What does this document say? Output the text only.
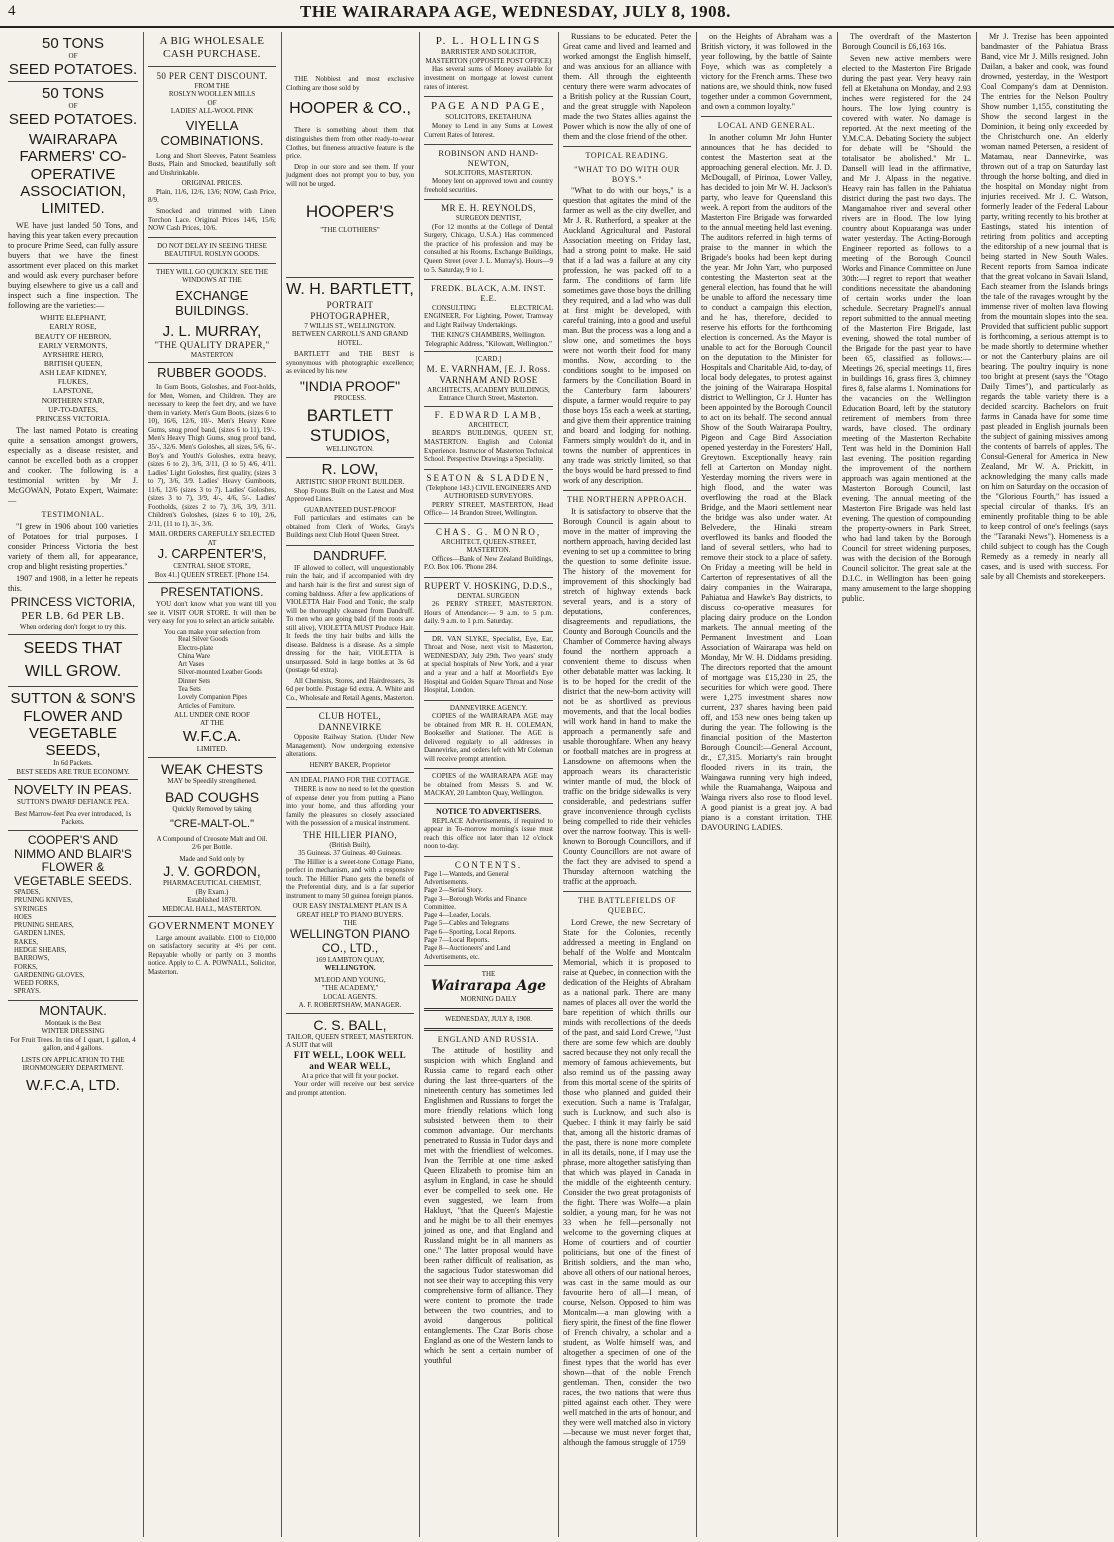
4	THE WAIRARAPA AGE, WEDNESDAY, JULY 8, 1908.
50 TONS
OF
SEED POTATOES.
50 TONS
OF
SEED POTATOES.
WAIRARAPA FARMERS' CO-OPERATIVE ASSOCIATION, LIMITED.

WE have just landed 50 Tons, and having this year taken every precaution to procure Prime Seed, can fully assure buyers that we have the finest assortment ever placed on this market and would ask every purchaser before buying elsewhere to give us a call and inspect such a fine inspection. The following are the varieties:—

WHITE ELEPHANT,
EARLY ROSE,
BEAUTY OF HEBRON,
EARLY VERMONTS,
AYRSHIRE HERO,
BRITISH QUEEN,
ASH LEAF KIDNEY,
FLUKES,
LAPSTONE,
NORTHERN STAR,
UP-TO-DATES,
PRINCESS VICTORIA.

The last named Potato is creating quite a sensation amongst growers, especially as a disease resister, and cannot be excelled both as a cropper and cooker. The following is a testimonial written by Mr J. McGOWAN, Potato Expert, Waimate:—

TESTIMONIAL.

"I grew in 1906 about 100 varieties of Potatoes for trial purposes. I consider Princess Victoria the best variety of them all, for appearance, crop and blight resisting properties."

1907 and 1908, in a letter he repeats this.

PRINCESS VICTORIA,
PER LB. 6d PER LB.
When ordering don't forget to try this.
SEEDS THAT WILL GROW.
SUTTON & SON'S FLOWER AND VEGETABLE SEEDS,
In 6d Packets.
BEST SEEDS ARE TRUE ECONOMY.
NOVELTY IN PEAS.
SUTTON'S DWARF DEFIANCE PEA.
Best Marrow-feet Pea ever introduced, 1s Packets.
COOPER'S AND NIMMO AND BLAIR'S FLOWER & VEGETABLE SEEDS.
SPADES,
PRUNING KNIVES,
SYRINGES
HOES
PRUNING SHEARS,
GARDEN LINES,
RAKES,
HEDGE SHEARS,
BARROWS,
FORKS,
GARDENING GLOVES,
WEED FORKS,
SPRAYS.
MONTAUK.
Montauk is the Best
WINTER DRESSING
For Fruit Trees. In tins of 1 quart, 1 gallon, 4 gallon, and 4 gallons.
LISTS ON APPLICATION TO THE IRONMONGERY DEPARTMENT.
W.F.C.A, LTD.
A BIG WHOLESALE
CASH PURCHASE.
50 PER CENT DISCOUNT.
FROM THE
ROSLYN WOOLLEN MILLS
OF
LADIES' ALL-WOOL PINK
VIYELLA COMBINATIONS.

Long and Short Sleeves, Patent Seamless Busts, Plain and Smocked, beautifully soft and Unshrinkable.

ORIGINAL PRICES.

Plain, 11/6, 12/6, 13/6; NOW, Cash Price, 8/9.

Smocked and trimmed with Linen Torchon Lace. Original Prices 14/6, 15/6; NOW Cash Prices, 10/6.

DO NOT DELAY IN SEEING THESE BEAUTIFUL ROSLYN GOODS.
THEY WILL GO QUICKLY. SEE THE WINDOWS AT THE
EXCHANGE BUILDINGS.
J. L. MURRAY,
"THE QUALITY DRAPER,"
MASTERTON
RUBBER GOODS.

In Gum Boots, Goloshes, and Foot-holds, for Men, Women, and Children. They are necessary to keep the feet dry, and we have them in variety. Men's Gum Boots, (sizes 6 to 10), 16/6, 12/6, 10/-. Men's Heavy Knee Gums, snug proof band, (sizes 6 to 11), 19/-. Men's Heavy Thigh Gums, snug proof band, 35/-, 32/6. Men's Goloshes, all sizes, 5/6, 6/-. Boy's and Youth's Goloshes, extra heavy, (sizes 6 to 2), 3/6, 3/11, (3 to 5) 4/6, 4/11. Ladies' Light Goloshes, first quality, (sizes 3 to 7), 3/6, 3/9. Ladies' Heavy Gumboots, 11/6, 12/6 (sizes 3 to 7). Ladies' Goloshes, (sizes 3 to 7), 3/9, 4/-, 4/6, 5/-. Ladies' Footholds, (sizes 2 to 7), 3/6, 3/9, 3/11. Children's Goloshes, (sizes 6 to 10), 2/6, 2/11, (11 to 1), 3/-, 3/6.

MAIL ORDERS CAREFULLY SELECTED AT
J. CARPENTER'S,
CENTRAL SHOE STORE,
Box 41.] QUEEN STREET. [Phone 154.
PRESENTATIONS.

YOU don't know what you want till you see it. VISIT OUR STORE. It will then be very easy for you to select an article suitable.

You can make your selection from
Real Silver Goods
Electro-plate
China Ware
Art Vases
Silver-mounted Leather Goods
Dinner Sets
Tea Sets
Lovely Companion Pipes
Articles of Furniture.
ALL UNDER ONE ROOF
AT THE
W.F.C.A.
LIMITED.
WEAK CHESTS
MAY be Speedily strengthened.
BAD COUGHS
Quickly Removed by taking
"CRE-MALT-OL."
A Compound of Creosote Malt and Oil.
2/6 per Bottle.
Made and Sold only by
J. V. GORDON,
PHARMACEUTICAL CHEMIST,
(By Exam.)
Established 1870.
MEDICAL HALL, MASTERTON.
GOVERNMENT MONEY

Large amount available. £100 to £10,000 on satisfactory security at 4½ per cent. Repayable wholly or partly on 3 months notice. Apply to C. A. POWNALL, Solicitor, Masterton.

THE Nobbiest and most exclusive Clothing are those sold by

HOOPER & CO.,

There is something about them that distinguishes them from other ready-to-wear Clothes, but fineness attractive feature is the price.

Drop in our store and see them. If your judgment does not prompt you to buy, you will not be urged.

HOOPER'S
"THE CLOTHIERS"
W. H. BARTLETT,
PORTRAIT PHOTOGRAPHER,
7 WILLIS ST., WELLINGTON.
BETWEEN CARROLL'S AND GRAND HOTEL.

BARTLETT and THE BEST is synonymous with photographic excellence; as evinced by his new

"INDIA PROOF"
PROCESS.
BARTLETT STUDIOS,
WELLINGTON.
R. LOW,
ARTISTIC SHOP FRONT BUILDER.

Shop Fronts Built on the Latest and Most Approved Lines.

GUARANTEED DUST-PROOF

Full particulars and estimates can be obtained from Clerk of Works, Gray's Buildings next Club Hotel Queen Street.

DANDRUFF.

IF allowed to collect, will unquestionably ruin the hair, and if accompanied with dry and harsh hair is the first and surest sign of coming baldness. After a few applications of VIOLETTA Hair Food and Tonic, the scalp will be thoroughly cleansed from Dandruff. To men who are going bald (if the roots are still alive), VIOLETTA MUST Produce Hair. It feeds the tiny hair bulbs and kills the disease. Baldness is a disease. As a simple dressing for the hair, VIOLETTA is unsurpassed. Sold in large bottles at 3s 6d (postage 6d extra).

All Chemists, Stores, and Hairdressers, 3s 6d per bottle. Postage 6d extra. A. White and Co., Wholesale and Retail Agents, Masterton.

CLUB HOTEL, DANNEVIRKE

Opposite Railway Station. (Under New Management). Now undergoing extensive alterations.

HENRY BAKER, Proprietor
AN IDEAL PIANO FOR THE COTTAGE.

THERE is now no need to let the question of expense deter you from putting a Piano into your home, and thus affording your family the pleasures so closely associated with the possession of a musical instrument.

THE HILLIER PIANO,
(British Built),
35 Guineas. 37 Guineas. 40 Guineas.

The Hillier is a sweet-tone Cottage Piano, perfect in mechanism, and with a responsive touch. The Hillier Piano gets the benefit of the Preferential duty, and is a far superior instrument to many 50 guinea foreign pianos.

OUR EASY INSTALMENT PLAN IS A GREAT HELP TO PIANO BUYERS.
THE
WELLINGTON PIANO CO., LTD.,
169 LAMBTON QUAY,
WELLINGTON.
M'LEOD AND YOUNG,
"THE ACADEMY,"
LOCAL AGENTS.
A. F. ROBERTSHAW, MANAGER.
C. S. BALL,
TAILOR, QUEEN STREET, MASTERTON.
A SUIT that will
FIT WELL, LOOK WELL and WEAR WELL,
At a price that will fit your pocket.

Your order will receive our best service and prompt attention.

P. L. HOLLINGS
BARRISTER AND SOLICITOR, MASTERTON (OPPOSITE POST OFFICE)

Has several sums of Money available for investment on mortgage at lowest current rates of interest.

PAGE AND PAGE,
SOLICITORS, EKETAHUNA

Money to Lend in any Sums at Lowest Current Rates of Interest.

ROBINSON AND HAND-NEWTON,
SOLICITORS, MASTERTON.

Money lent on approved town and country freehold securities.

MR E. H. REYNOLDS,
SURGEON DENTIST,

(For 12 months at the College of Dental Surgery, Chicago, U.S.A.) Has commenced the practice of his profession and may be consulted at his Rooms, Exchange Buildings, Queen Street (over J. L. Murray's). Hours—9 to 5. Saturday, 9 to 1.

FREDK. BLACK, A.M. INST. E.E.

CONSULTING ELECTRICAL ENGINEER, For Lighting, Power, Tramway and Light Railway Undertakings.

THE KING'S CHAMBERS, Wellington.
Telegraphic Address, "Kilowatt, Wellington."
[CARD.]
M. E. VARNHAM, [E. J. Ross. VARNHAM AND ROSE
ARCHITECTS, ACADEMY BUILDINGS, Entrance Church Street, Masterton.
F. EDWARD LAMB,
ARCHITECT,

BEARD'S BUILDINGS, QUEEN ST, MASTERTON. English and Colonial Experience. Instructor of Masterton Technical School. Perspective Drawings a Speciality.

SEATON & SLADDEN,
(Telephone 143.) CIVIL ENGINEERS AND AUTHORISED SURVEYORS.

PERRY STREET, MASTERTON, Head Office— 14 Brandon Street, Wellington.

CHAS. G. MONRO,
ARCHITECT, QUEEN-STREET, MASTERTON.

Offices—Bank of New Zealand Buildings, P.O. Box 106. 'Phone 284.

RUPERT V. HOSKING, D.D.S.,
DENTAL SURGEON

26 PERRY STREET, MASTERTON. Hours of Attendance:— 9 a.m. to 5 p.m. daily. 9 a.m. to 1 p.m. Saturday.

DR. VAN SLYKE, Specialist, Eye, Ear, Throat and Nose, next visit to Masterton, WEDNESDAY, July 29th. Two years' study at special hospitals of New York, and a year and a year and a half at Moorfield's Eye Hospital and Golden Square Throat and Nose Hospital, London.

DANNEVIRKE AGENCY.

COPIES of the WAIRARAPA AGE may be obtained from MR R. H. COLEMAN, Bookseller and Stationer. The AGE is delivered regularly to all addresses in Dannevirke, and orders left with Mr Coleman will receive prompt attention.

COPIES of the WAIRARAPA AGE may be obtained from Messrs S. and W. MACKAY, 20 Lambton Quay, Wellington.

NOTICE TO ADVERTISERS.

REPLACE Advertisements, if required to appear in To-morrow morning's issue must reach this office not later than 12 o'clock noon to-day.

CONTENTS.
Page 1—Wanteds, and General Advertisements.
Page 2—Serial Story.
Page 3—Borough Works and Finance Committee.
Page 4—Leader, Locals.
Page 5—Cables and Telegrams
Page 6—Sporting, Local Reports.
Page 7—Local Reports.
Page 8—Auctioneers' and Land Advertisements, etc.
THE
Wairarapa Age
MORNING DAILY
WEDNESDAY, JULY 8, 1908.
ENGLAND AND RUSSIA.

The attitude of hostility and suspicion with which England and Russia came to regard each other during the last three-quarters of the nineteenth century has sometimes led Englishmen and Russians to forget the more friendly relations which long subsisted between them to their common advantage. Our merchants penetrated to Russia in Tudor days and met with the friendliest of welcomes. Ivan the Terrible at one time asked Queen Elizabeth to promise him an asylum in England, in case he should ever be compelled to seek one. He even suggested, we learn from Hakluyt, "that the Queen's Majestie and he might be to all their enemyes joined as one, and that England and Russland might be in all manners as one." The latter proposal would have been rather difficult of realisation, as the sagacious Tudor stateswoman did not see their way to accepting this very comprehensive form of alliance. They were content to promote the trade between the two countries, and to avoid dangerous political entanglements. The Czar Boris chose England as one of the Western lands to which he sent a certain number of youthful

Russians to be educated. Peter the Great came and lived and learned and worked amongst the English himself, and was anxious for an alliance with them. All through the eighteenth century there were warm advocates of a British policy at the Russian Court, and the great struggle with Napoleon made the two States allies against the Power which is now the ally of one of them and the close friend of the other.

TOPICAL READING.
"WHAT TO DO WITH OUR BOYS."

"What to do with our boys," is a question that agitates the mind of the farmer as well as the city dweller, and Mr J. R. Rutherford, a speaker at the Auckland Agricultural and Pastoral Association meeting on Friday last, had a strong point to make. He said that if a lad was a failure at any city profession, he was packed off to a farm. The conditions of farm life sometimes gave those boys the drilling they required, and a lad who was dull at first might be developed, with careful training, into a good and useful man. But the process was a long and a slow one, and sometimes the boys were not worth their food for many months. Now, according to the conditions sought to be imposed on farmers by the Conciliation Board in the Canterbury farm labourers' dispute, a farmer would require to pay those boys 15s each a week at starting, and give them their apprentice training and board and lodging for nothing. Farmers simply wouldn't do it, and in towns the number of apprentices in any trade was strictly limited, so that the boys would be hard pressed to find work of any description.

THE NORTHERN APPROACH.

It is satisfactory to observe that the Borough Council is again about to move in the matter of improving the northern approach, having decided last evening to set up a committee to bring the question to some definite issue. The history of the movement for improvement of this shockingly bad stretch of highway extends back several years, and is a story of deputations, conferences, disagreements and repudiations, the County and Borough Councils and the Chamber of Commerce having always found the northern approach a convenient theme to discuss when other debatable matter was lacking. It is to be hoped for the credit of the district that the new-born activity will not be as shortlived as previous movements, and that the local bodies will work hand in hand to make the approach a permanently safe and usable thoroughfare. When any heavy or football matches are in progress at Lansdowne on afternoons when the approach wears its characteristic winter mantle of mud, the block of traffic on the bridge sidewalks is very considerable, and pedestrians suffer grave inconvenience through cyclists being compelled to ride their vehicles over the narrow footway. This is well-known to Borough Councillors, and if County Councillors are not aware of the fact they are advised to spend a Thursday afternoon watching the traffic at the approach.

THE BATTLEFIELDS OF QUEBEC.

Lord Crewe, the new Secretary of State for the Colonies, recently addressed a meeting in England on behalf of the Wolfe and Montcalm Memorial, which it is proposed to raise at Quebec, in connection with the dedication of the Heights of Abraham as a national park. There are many names of places all over the world the bare repetition of which thrills our minds with recollections of the deeds of the past, and said Lord Crewe, "Just there are some few which are doubly sacred because they not only recall the memory of famous achievements, but also remind us of the passing away from this mortal scene of the spirits of those who planned and guided their execution. Such a name is Trafalgar, such is Lucknow, and such also is Quebec. I think it may fairly be said that, among all the historic dramas of the past, there is none more complete in all its details, none, if I may use the phrase, more altogether satisfying than that which was played in Canada in the middle of the eighteenth century. Consider the two great protagonists of the fight. There was Wolfe—a plain soldier, a young man, for he was not 33 when he fell—personally not welcome to the governing cliques at Home of courtiers and of courtier politicians, but one of the finest of British soldiers, and the man who, above all others of our national heroes, was cast in the same mould as our favourite hero of all—I mean, of course, Nelson. Opposed to him was Montcalm—a man glowing with a fiery spirit, the finest of the fine flower of French chivalry, a scholar and a student, as Wolfe himself was, and altogether a specimen of one of the finest types that the world has ever shown—that of the noble French gentleman. Then, consider the two races, the two nations that were thus pitted against each other. They were well matched in the arts of honour, and they were well matched also in victory—because we must never forget that, although the famous struggle of 1759

on the Heights of Abraham was a British victory, it was followed in the year following, by the battle of Sainte Foye, which was as completely a victory for the French arms. These two nations are, we should think, now fused together under a common Government, and own a common loyalty."

LOCAL AND GENERAL.

In another column Mr John Hunter announces that he has decided to contest the Masterton seat at the approaching general election. Mr. J. D. McDougall, of Pirinoa, Lower Valley, has decided to join Mr W. H. Jackson's party, who leave for Queensland this week. A report from the auditors of the Masterton Fire Brigade was forwarded to the annual meeting held last evening. The auditors referred in high terms of praise to the manner in which the Brigade's books had been kept during the year. Mr John Yarr, who purposed contesting the Masterton seat at the general election, has found that he will be unable to afford the necessary time to conduct a campaign this election, and he has, therefore, decided to reserve his efforts for the forthcoming election is concerned. As the Mayor is unable to act for the Borough Council on the deputation to the Minister for Hospitals and Charitable Aid, to-day, of local body delegates, to protest against the joining of the Wairarapa Hospital district to Wellington, Cr J. Hunter has been appointed by the Borough Council to act on its behalf. The second annual Show of the South Wairarapa Poultry, Pigeon and Cage Bird Association opened yesterday in the Foresters' Hall, Greytown. Exceptionally heavy rain fell at Carterton on Monday night. Yesterday morning the rivers were in high flood, and the water was overflowing the road at the Black Bridge, and the Maori settlement near the bridge was also under water. At Belvedere, the Hinaki stream overflowed its banks and flooded the land of several settlers, who had to remove their stock to a place of safety. On Friday a meeting will be held in Carterton of representatives of all the dairy companies in the Wairarapa, Pahiatua and Hawke's Bay districts, to discuss co-operative measures for placing dairy produce on the London markets. The annual meeting of the Permanent Investment and Loan Association of Wairarapa was held on Monday, Mr W. H. Diddams presiding. The directors reported that the amount of mortgage was £15,230 in 25, the securities for which were good. There were 1,275 investment shares now current, 237 shares having been paid off, and 153 new ones being taken up during the year. The following is the financial position of the Masterton Borough Council:—General Account, dr., £7,315. Moriarty's rain brought flooded rivers in its train, the Waingawa running very high indeed, while the Ruamahanga, Waipoua and Wainga rivers also rose to flood level. A good pianist is a great joy. A bad piano is a constant irritation. THE DAVOURING LADIES.

The overdraft of the Masterton Borough Council is £6,163 16s.

Seven new active members were elected to the Masterton Fire Brigade during the past year. Very heavy rain fell at Eketahuna on Monday, and 2.93 inches were registered for the 24 hours. The low lying country is covered with water. No damage is reported. At the next meeting of the Y.M.C.A. Debating Society the subject for debate will be "Should the totalisator be abolished." Mr L. Dansell will lead in the affirmative, and Mr J. Alpass in the negative. Heavy rain has fallen in the Pahiatua district during the past two days. The Mangamahoe river and several other rivers are in flood. The low lying country about Kopuaranga was under water yesterday. The Acting-Borough Engineer reported as follows to a meeting of the Borough Council Works and Finance Committee on June 30th:—I regret to report that weather conditions necessitate the abandoning of certain works under the loan schedule. Secretary Pragnell's annual report submitted to the annual meeting of the Masterton Fire Brigade, last evening, showed the total number of the Brigade for the past year to have been 65, classified as follows:—Meetings 26, special meetings 11, fires in buildings 16, grass fires 3, chimney fires 8, false alarms 1. Nominations for the vacancies on the Wellington Education Board, left by the statutory retirement of members from three wards, have closed. The ordinary meeting of the Masterton Rechabite Tent was held in the Dominion Hall last evening. The position regarding the improvement of the northern approach was again mentioned at the Masterton Borough Council, last evening. The annual meeting of the Masterton Fire Brigade was held last evening. The question of compounding the property-owners in Park Street, who had land taken by the Borough Council for street widening purposes, was with the decision of the Borough Council solicitor. The great sale at the D.I.C. in Wellington has been going many amusement to the large shopping public.

Mr J. Trezise has been appointed bandmaster of the Pahiatua Brass Band, vice Mr J. Mills resigned. John Dailan, a baker and cook, was found drowned, yesterday, in the Westport Coal Company's dam at Denniston. The entries for the Nelson Poultry Show number 1,155, constituting the Show the second largest in the Dominion, it being only exceeded by the Christchurch one. An elderly woman named Petersen, a resident of Matamau, near Dannevirke, was thrown out of a trap on Saturday last through the horse bolting, and died in the hospital on Monday night from injuries received. Mr J. C. Watson, formerly leader of the Federal Labour party, writing recently to his brother at Eastings, stated his intention of retiring from politics and accepting the editorship of a new journal that is being started in New South Wales. Recent reports from Samoa indicate that the great volcano in Savaii Island, Each steamer from the Islands brings the tale of the ravages wrought by the immense river of molten lava flowing from the mountain slopes into the sea. Provided that sufficient public support is forthcoming, a serious attempt is to be made shortly to determine whether or not the Canterbury plains are oil bearing. The poultry inquiry is none too bright at present (says the "Otago Daily Times"), and particularly as regards the table variety there is a decided scarcity. Bachelors on fruit farms in Canada have for some time past pleaded in English journals been the subject of gaining missives among the contents of barrels of apples. The Consul-General for America in New Zealand, Mr W. A. Prickitt, in acknowledging the many calls made on him on Saturday on the occasion of the "Glorious Fourth," has issued a special circular of thanks. It's an eminently profitable thing to be able to keep control of one's feelings (says the "Taranaki News"). Homeness is a child subject to cough has the Cough Remedy as a remedy in nearly all cases, and is used with success. For sale by all Chemists and storekeepers.
